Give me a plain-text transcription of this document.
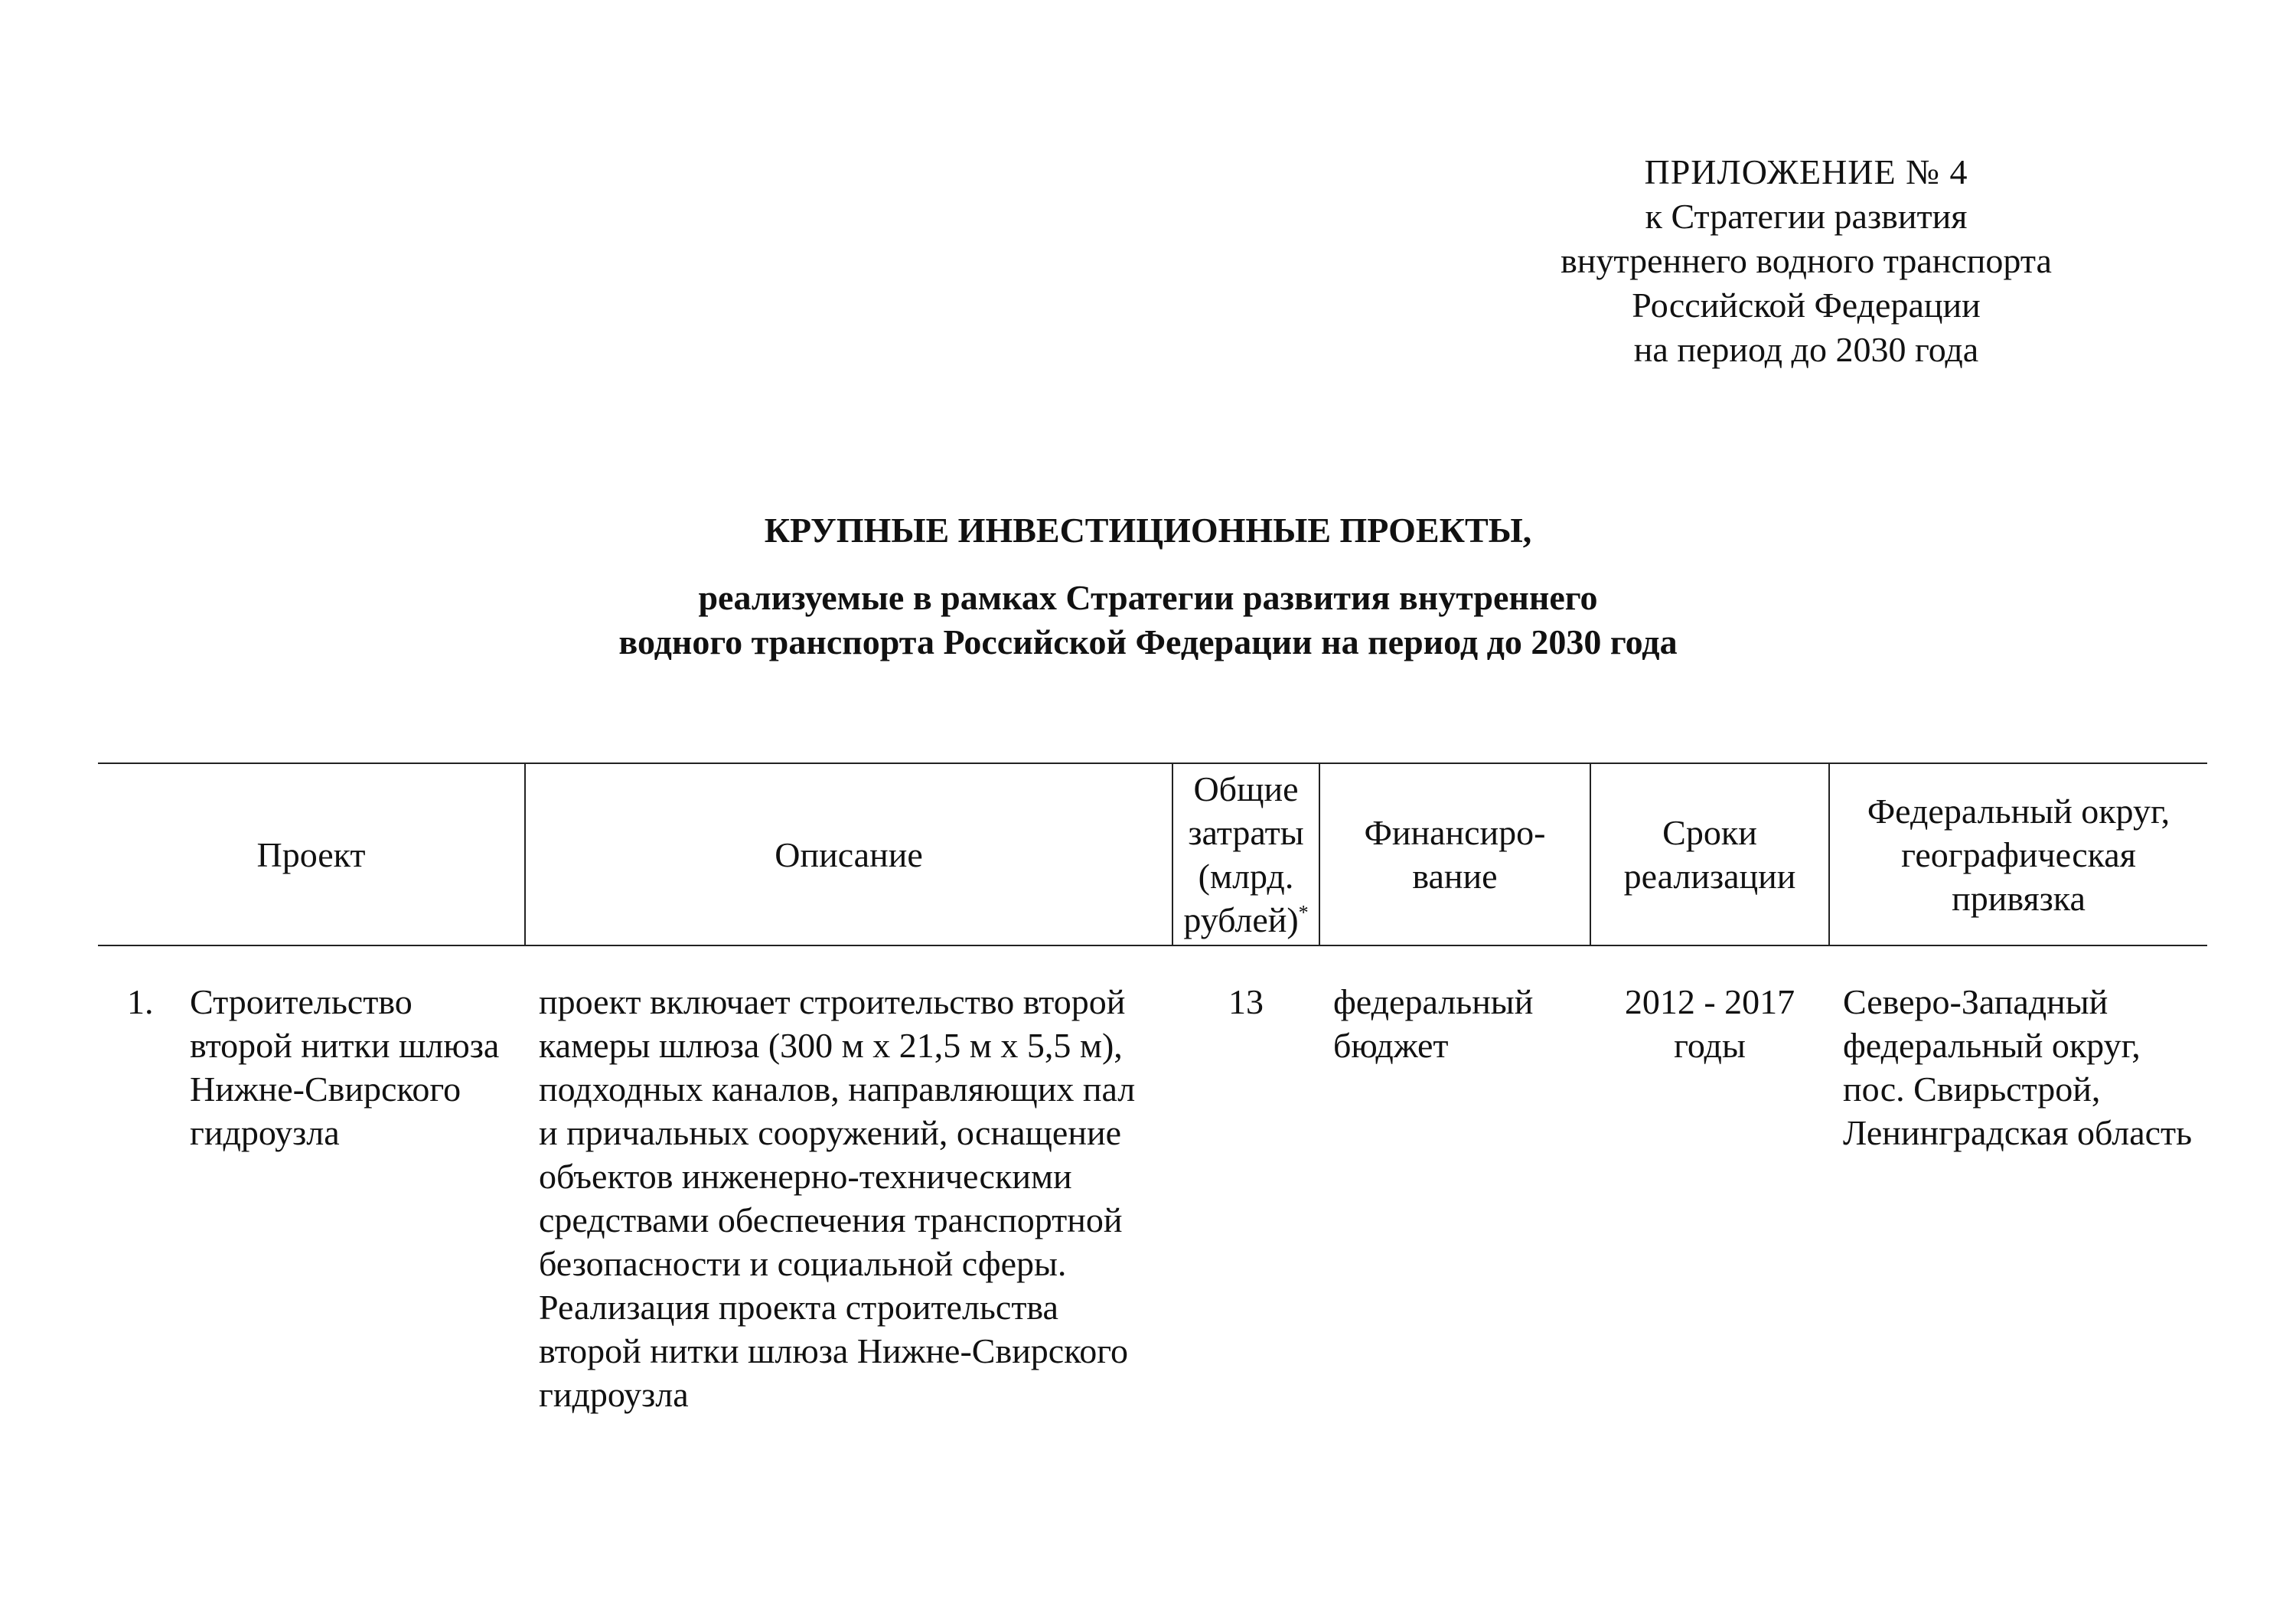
ПРИЛОЖЕНИЕ № 4
к Стратегии развития
внутреннего водного транспорта
Российской Федерации
на период до 2030 года
КРУПНЫЕ ИНВЕСТИЦИОННЫЕ ПРОЕКТЫ,
реализуемые в рамках Стратегии развития внутреннего
водного транспорта Российской Федерации на период до 2030 года
Проект	Описание	Общие затраты (млрд. рублей)*	Финансиро-вание	Сроки реализации	Федеральный округ, географическая привязка

1. Строительство второй нитки шлюза Нижне-Свирского гидроузла	проект включает строительство второй камеры шлюза (300 м х 21,5 м х 5,5 м), подходных каналов, направляющих пал и причальных сооружений, оснащение объектов инженерно-техническими средствами обеспечения транспортной безопасности и социальной сферы. Реализация проекта строительства второй нитки шлюза Нижне-Свирского гидроузла	13	федеральный бюджет	2012 - 2017 годы	Северо-Западный федеральный округ, пос. Свирьстрой, Ленинградская область
